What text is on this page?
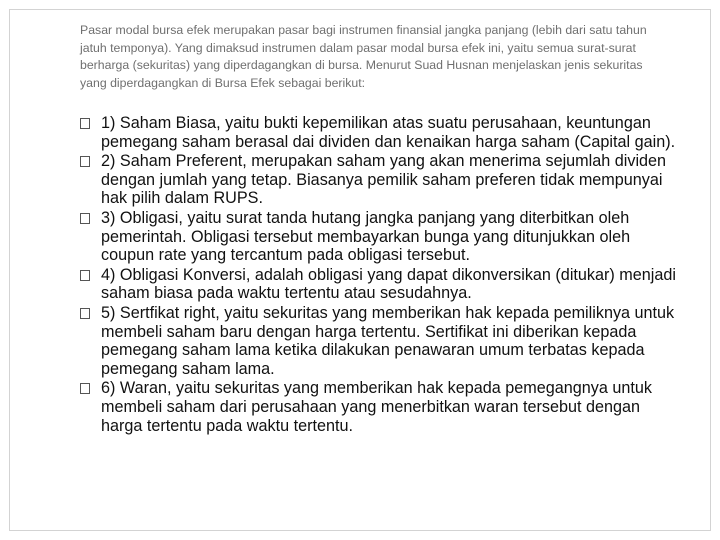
Pasar modal bursa efek merupakan pasar bagi instrumen finansial jangka panjang (lebih dari satu tahun jatuh temponya). Yang dimaksud instrumen dalam pasar modal bursa efek ini, yaitu semua surat-surat berharga (sekuritas) yang diperdagangkan di bursa. Menurut Suad Husnan menjelaskan jenis sekuritas yang diperdagangkan di Bursa Efek sebagai berikut:

1) Saham Biasa, yaitu bukti kepemilikan atas suatu perusahaan, keuntungan pemegang saham berasal dai dividen dan kenaikan harga saham (Capital gain).
2) Saham Preferent, merupakan saham yang akan menerima sejumlah dividen dengan jumlah yang tetap. Biasanya pemilik saham preferen tidak mempunyai hak pilih dalam RUPS.
3) Obligasi, yaitu surat tanda hutang jangka panjang yang diterbitkan oleh pemerintah. Obligasi tersebut membayarkan bunga yang ditunjukkan oleh coupun rate yang tercantum pada obligasi tersebut.
4) Obligasi Konversi, adalah obligasi yang dapat dikonversikan (ditukar) menjadi saham biasa pada waktu tertentu atau sesudahnya.
5) Sertfikat right, yaitu sekuritas yang memberikan hak kepada pemiliknya untuk membeli saham baru dengan harga tertentu. Sertifikat ini diberikan kepada pemegang saham lama ketika dilakukan penawaran umum terbatas kepada pemegang saham lama.
6) Waran, yaitu sekuritas yang memberikan hak kepada pemegangnya untuk membeli saham dari perusahaan yang menerbitkan waran tersebut dengan harga tertentu pada waktu tertentu.
